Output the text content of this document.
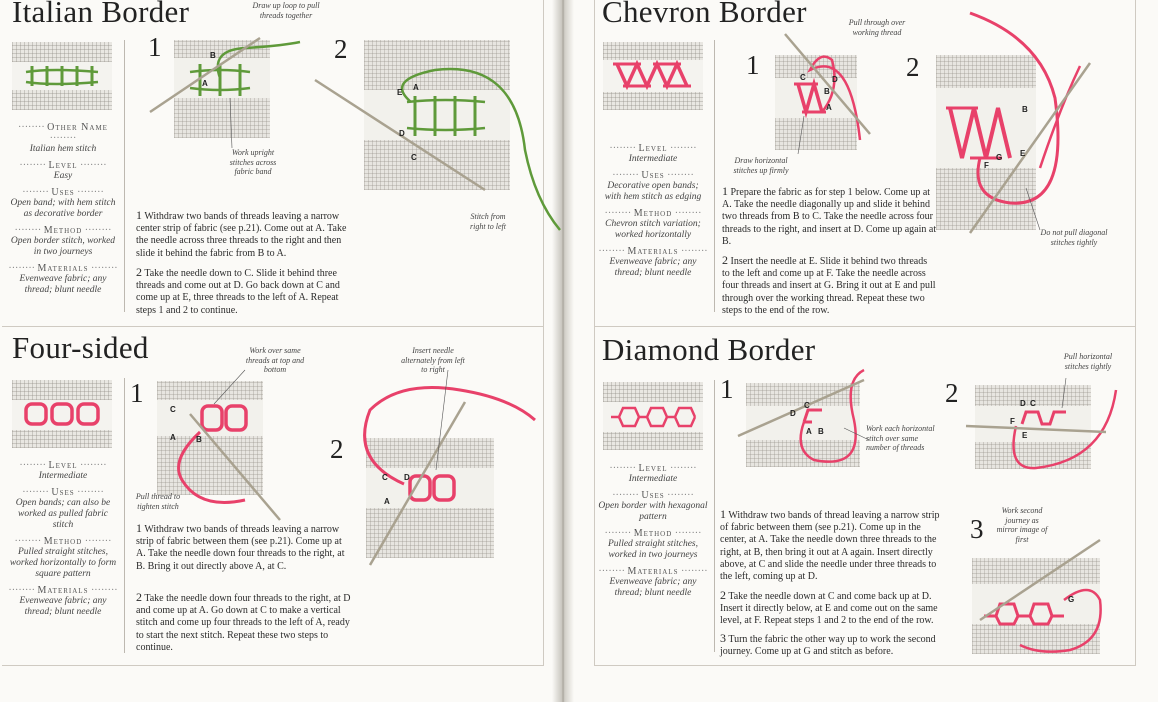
Italian Border
····· Other Name ·····
Italian hem stitch
····· Level ·····
Easy
····· Uses ·····
Open band; with hem stitch as decorative border
····· Method ·····
Open border stitch, worked in two journeys
····· Materials ·····
Evenweave fabric; any thread; blunt needle
1	2
Draw up loop to pull threads together
B
A
Work upright stitches across fabric band
E
A
D
C
Stitch from right to left
1 Withdraw two bands of threads leaving a narrow center strip of fabric (see p.21). Come out at A. Take the needle across three threads to the right and then slide it behind the fabric from B to A.
2 Take the needle down to C. Slide it behind three threads and come out at D. Go back down at C and come up at E, three threads to the left of A. Repeat steps 1 and 2 to continue.
Four-sided
····· Level ·····
Intermediate
····· Uses ·····
Open bands; can also be worked as pulled fabric stitch
····· Method ·····
Pulled straight stitches, worked horizontally to form square pattern
····· Materials ·····
Evenweave fabric; any thread; blunt needle
1
2
Work over same threads at top and bottom
Insert needle alternately from left to right
C
A	B
Pull thread to tighten stitch
C D
A
1 Withdraw two bands of threads leaving a narrow strip of fabric between them (see p.21). Come up at A. Take the needle down four threads to the right, at B. Bring it out directly above A, at C.
2 Take the needle down four threads to the right, at D and come up at A. Go down at C to make a vertical stitch and come up four threads to the left of A, ready to start the next stitch. Repeat these two steps to continue.
Chevron Border
····· Level ·····
Intermediate
····· Uses ·····
Decorative open bands; with hem stitch as edging
····· Method ·····
Chevron stitch variation; worked horizontally
····· Materials ·····
Evenweave fabric; any thread; blunt needle
1	2
Pull through over working thread
C	D
B
A
Draw horizontal stitches up firmly
B
F
G E
Do not pull diagonal stitches tightly
1 Prepare the fabric as for step 1 below. Come up at A. Take the needle diagonally up and slide it behind two threads from B to C. Take the needle across four threads to the right, and insert at D. Come up again at B.
2 Insert the needle at E. Slide it behind two threads to the left and come up at F. Take the needle across four threads and insert at G. Bring it out at E and pull through over the working thread. Repeat these two steps to the end of the row.
Diamond Border
····· Level ·····
Intermediate
····· Uses ·····
Open border with hexagonal pattern
····· Method ·····
Pulled straight stitches, worked in two journeys
····· Materials ·····
Evenweave fabric; any thread; blunt needle
1	2
3
D
C
A B	Work each horizontal stitch over same number of threads
Pull horizontal stitches tightly
D C
F
E
Work second journey as mirror image of first
G
1 Withdraw two bands of thread leaving a narrow strip of fabric between them (see p.21). Come up in the center, at A. Take the needle down three threads to the right, at B, then bring it out at A again. Insert directly above, at C and slide the needle under three threads to the left, coming up at D.
2 Take the needle down at C and come back up at D. Insert it directly below, at E and come out on the same level, at F. Repeat steps 1 and 2 to the end of the row.
3 Turn the fabric the other way up to work the second journey. Come up at G and stitch as before.
